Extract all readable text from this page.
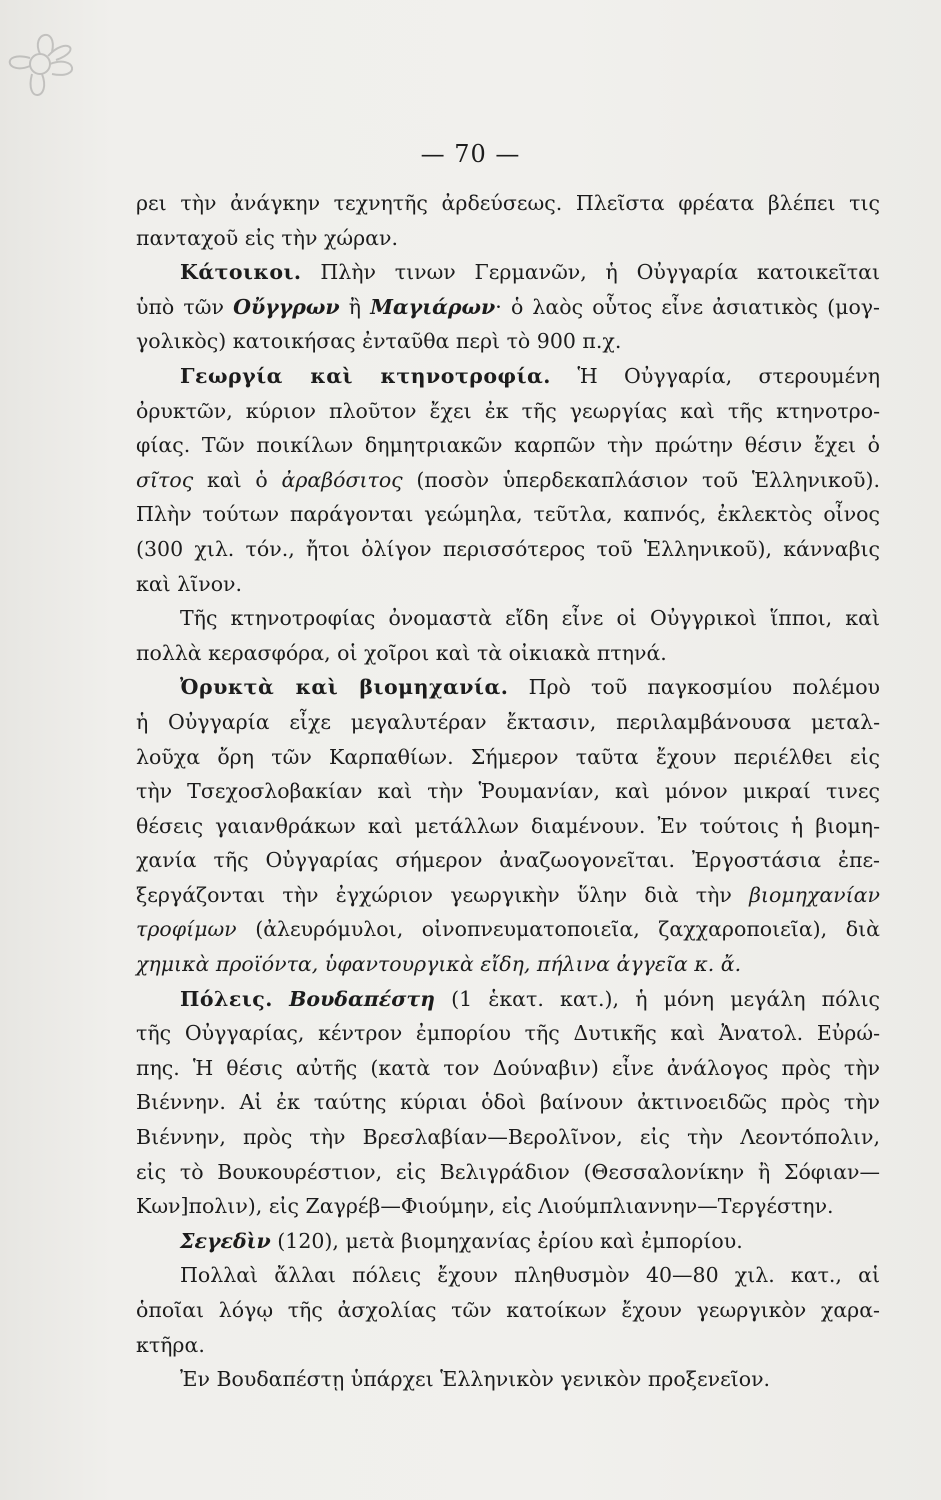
— 70 —
ρει τὴν ἀνάγκην τεχνητῆς ἀρδεύσεως. Πλεῖστα φρέατα βλέπει τις
πανταχοῦ εἰς τὴν χώραν.
Κάτοικοι. Πλὴν τινων Γερμανῶν, ἡ Οὐγγαρία κατοικεῖται
ὑπὸ τῶν Οὔγγρων ἢ Μαγιάρων· ὁ λαὸς οὗτος εἶνε ἀσιατικὸς (μογ-
γολικὸς) κατοικήσας ἐνταῦθα περὶ τὸ 900 π.χ.
Γεωργία καὶ κτηνοτροφία. Ἡ Οὐγγαρία, στερουμένη
ὀρυκτῶν, κύριον πλοῦτον ἔχει ἐκ τῆς γεωργίας καὶ τῆς κτηνοτρο-
φίας. Τῶν ποικίλων δημητριακῶν καρπῶν τὴν πρώτην θέσιν ἔχει ὁ
σῖτος καὶ ὁ ἀραβόσιτος (ποσὸν ὑπερδεκαπλάσιον τοῦ Ἑλληνικοῦ).
Πλὴν τούτων παράγονται γεώμηλα, τεῦτλα, καπνός, ἐκλεκτὸς οἶνος
(300 χιλ. τόν., ἤτοι ὀλίγον περισσότερος τοῦ Ἑλληνικοῦ), κάνναβις
καὶ λῖνον.
Τῆς κτηνοτροφίας ὀνομαστὰ εἴδη εἶνε οἱ Οὐγγρικοὶ ἵπποι, καὶ
πολλὰ κερασφόρα, οἱ χοῖροι καὶ τὰ οἰκιακὰ πτηνά.
Ὀρυκτὰ καὶ βιομηχανία. Πρὸ τοῦ παγκοσμίου πολέμου
ἡ Οὐγγαρία εἶχε μεγαλυτέραν ἔκτασιν, περιλαμβάνουσα μεταλ-
λοῦχα ὄρη τῶν Καρπαθίων. Σήμερον ταῦτα ἔχουν περιέλθει εἰς
τὴν Τσεχοσλοβακίαν καὶ τὴν Ῥουμανίαν, καὶ μόνον μικραί τινες
θέσεις γαιανθράκων καὶ μετάλλων διαμένουν. Ἐν τούτοις ἡ βιομη-
χανία τῆς Οὐγγαρίας σήμερον ἀναζωογονεῖται. Ἐργοστάσια ἐπε-
ξεργάζονται τὴν ἐγχώριον γεωργικὴν ὕλην διὰ τὴν βιομηχανίαν
τροφίμων (ἀλευρόμυλοι, οἰνοπνευματοποιεῖα, ζαχχαροποιεῖα), διὰ
χημικὰ προϊόντα, ὑφαντουργικὰ εἴδη, πήλινα ἀγγεῖα κ. ἄ.
Πόλεις. Βουδαπέστη (1 ἑκατ. κατ.), ἡ μόνη μεγάλη πόλις
τῆς Οὐγγαρίας, κέντρον ἐμπορίου τῆς Δυτικῆς καὶ Ἀνατολ. Εὐρώ-
πης. Ἡ θέσις αὐτῆς (κατὰ τον Δούναβιν) εἶνε ἀνάλογος πρὸς τὴν
Βιέννην. Αἱ ἐκ ταύτης κύριαι ὁδοὶ βαίνουν ἀκτινοειδῶς πρὸς τὴν
Βιέννην, πρὸς τὴν Βρεσλαβίαν—Βερολῖνον, εἰς τὴν Λεοντόπολιν,
εἰς τὸ Βουκουρέστιον, εἰς Βελιγράδιον (Θεσσαλονίκην ἢ Σόφιαν—
Κων]πολιν), εἰς Ζαγρέβ—Φιούμην, εἰς Λιούμπλιαννην—Τεργέστην.
Σεγεδὶν (120), μετὰ βιομηχανίας ἐρίου καὶ ἐμπορίου.
Πολλαὶ ἄλλαι πόλεις ἔχουν πληθυσμὸν 40—80 χιλ. κατ., αἱ
ὁποῖαι λόγῳ τῆς ἀσχολίας τῶν κατοίκων ἔχουν γεωργικὸν χαρα-
κτῆρα.
Ἐν Βουδαπέστῃ ὑπάρχει Ἑλληνικὸν γενικὸν προξενεῖον.
